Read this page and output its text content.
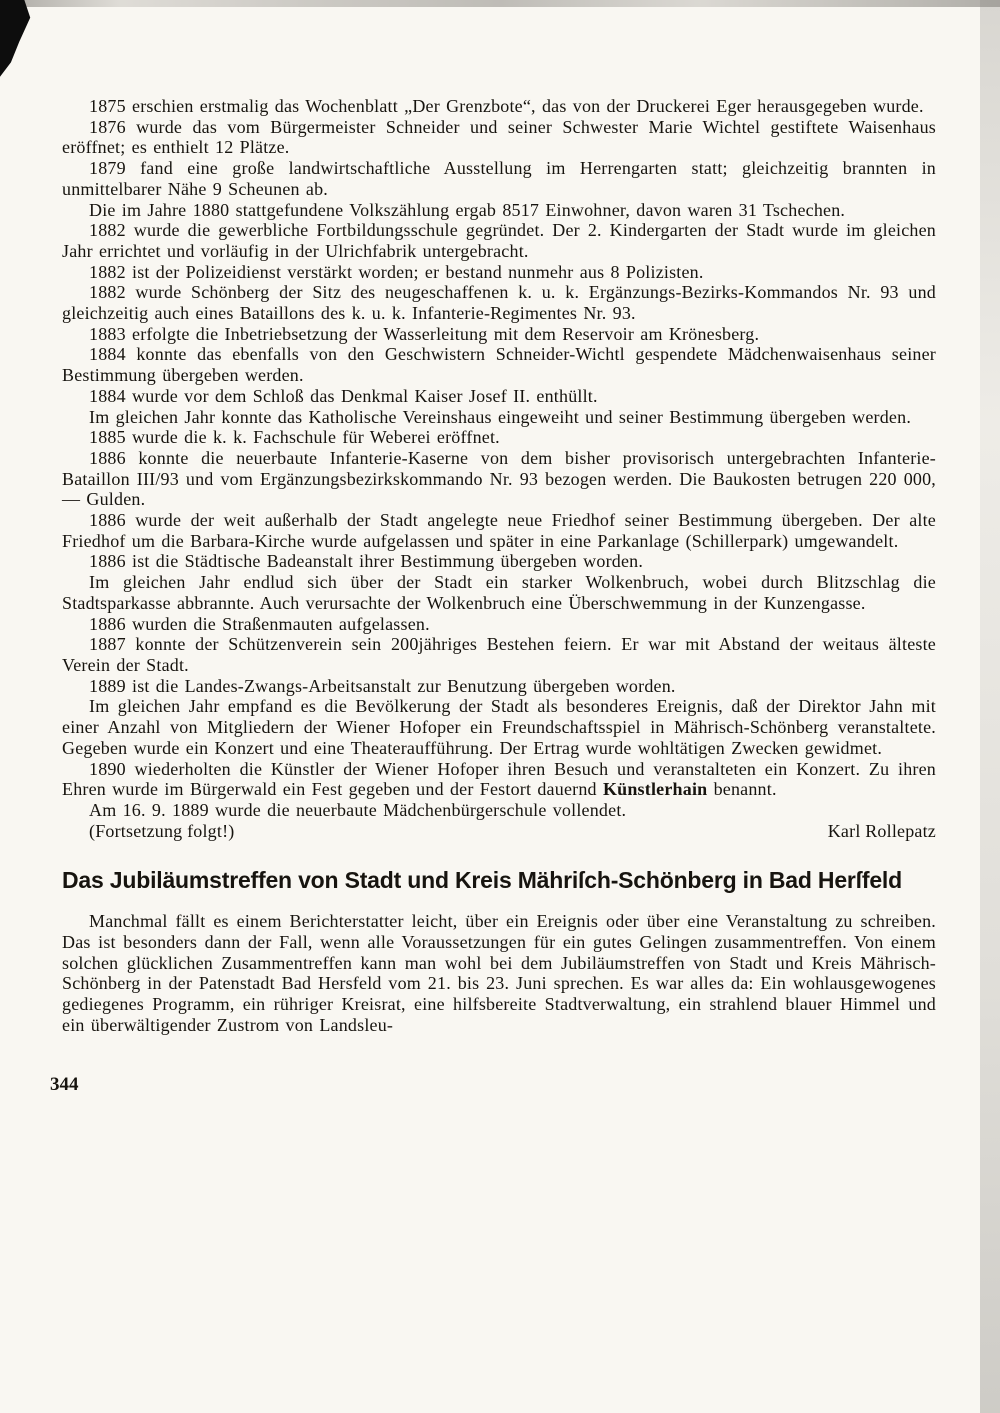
1875 erschien erstmalig das Wochenblatt „Der Grenzbote“, das von der Druckerei Eger herausgegeben wurde.

1876 wurde das vom Bürgermeister Schneider und seiner Schwester Marie Wichtel gestiftete Waisenhaus eröffnet; es enthielt 12 Plätze.

1879 fand eine große landwirtschaftliche Ausstellung im Herrengarten statt; gleichzeitig brannten in unmittelbarer Nähe 9 Scheunen ab.

Die im Jahre 1880 stattgefundene Volkszählung ergab 8517 Einwohner, davon waren 31 Tschechen.

1882 wurde die gewerbliche Fortbildungsschule gegründet. Der 2. Kindergarten der Stadt wurde im gleichen Jahr errichtet und vorläufig in der Ulrichfabrik untergebracht.

1882 ist der Polizeidienst verstärkt worden; er bestand nunmehr aus 8 Polizisten.

1882 wurde Schönberg der Sitz des neugeschaffenen k. u. k. Ergänzungs-Bezirks-Kommandos Nr. 93 und gleichzeitig auch eines Bataillons des k. u. k. Infanterie-Regimentes Nr. 93.

1883 erfolgte die Inbetriebsetzung der Wasserleitung mit dem Reservoir am Krönesberg.

1884 konnte das ebenfalls von den Geschwistern Schneider-Wichtl gespendete Mädchenwaisenhaus seiner Bestimmung übergeben werden.

1884 wurde vor dem Schloß das Denkmal Kaiser Josef II. enthüllt.

Im gleichen Jahr konnte das Katholische Vereinshaus eingeweiht und seiner Bestimmung übergeben werden.

1885 wurde die k. k. Fachschule für Weberei eröffnet.

1886 konnte die neuerbaute Infanterie-Kaserne von dem bisher provisorisch untergebrachten Infanterie-Bataillon III/93 und vom Ergänzungsbezirkskommando Nr. 93 bezogen werden. Die Baukosten betrugen 220 000,— Gulden.

1886 wurde der weit außerhalb der Stadt angelegte neue Friedhof seiner Bestimmung übergeben. Der alte Friedhof um die Barbara-Kirche wurde aufgelassen und später in eine Parkanlage (Schillerpark) umgewandelt.

1886 ist die Städtische Badeanstalt ihrer Bestimmung übergeben worden.

Im gleichen Jahr endlud sich über der Stadt ein starker Wolkenbruch, wobei durch Blitzschlag die Stadtsparkasse abbrannte. Auch verursachte der Wolkenbruch eine Überschwemmung in der Kunzengasse.

1886 wurden die Straßenmauten aufgelassen.

1887 konnte der Schützenverein sein 200jähriges Bestehen feiern. Er war mit Abstand der weitaus älteste Verein der Stadt.

1889 ist die Landes-Zwangs-Arbeitsanstalt zur Benutzung übergeben worden.

Im gleichen Jahr empfand es die Bevölkerung der Stadt als besonderes Ereignis, daß der Direktor Jahn mit einer Anzahl von Mitgliedern der Wiener Hofoper ein Freundschaftsspiel in Mährisch-Schönberg veranstaltete. Gegeben wurde ein Konzert und eine Theateraufführung. Der Ertrag wurde wohltätigen Zwecken gewidmet.

1890 wiederholten die Künstler der Wiener Hofoper ihren Besuch und veranstalteten ein Konzert. Zu ihren Ehren wurde im Bürgerwald ein Fest gegeben und der Festort dauernd Künstlerhain benannt.

Am 16. 9. 1889 wurde die neuerbaute Mädchenbürgerschule vollendet.

(Fortsetzung folgt!)	Karl Rollepatz
Das Jubiläumstreffen von Stadt und Kreis Mähriſch-Schönberg in Bad Herſfeld

Manchmal fällt es einem Berichterstatter leicht, über ein Ereignis oder über eine Veranstaltung zu schreiben. Das ist besonders dann der Fall, wenn alle Voraussetzungen für ein gutes Gelingen zusammentreffen. Von einem solchen glücklichen Zusammentreffen kann man wohl bei dem Jubiläumstreffen von Stadt und Kreis Mährisch-Schönberg in der Patenstadt Bad Hersfeld vom 21. bis 23. Juni sprechen. Es war alles da: Ein wohlausgewogenes gediegenes Programm, ein rühriger Kreisrat, eine hilfsbereite Stadtverwaltung, ein strahlend blauer Himmel und ein überwältigender Zustrom von Landsleu-

344
